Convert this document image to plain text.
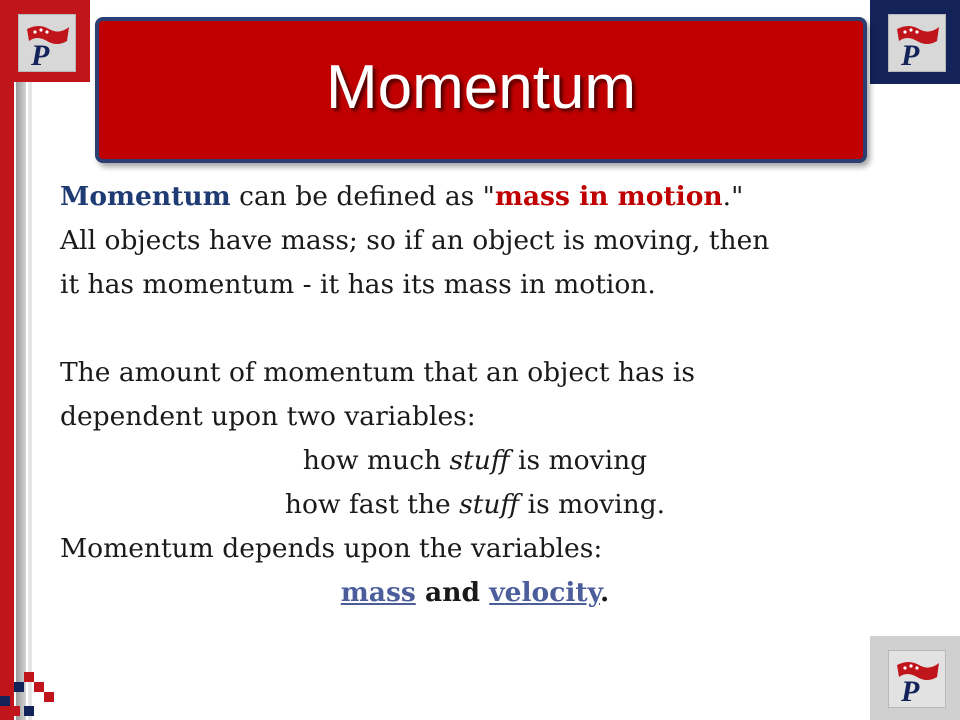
P	P
P
Momentum

Momentum can be defined as "mass in motion."

All objects have mass; so if an object is moving, then

it has momentum - it has its mass in motion.

The amount of momentum that an object has is

dependent upon two variables:

how much stuff is moving

how fast the stuff is moving.

Momentum depends upon the variables:

mass and velocity.
